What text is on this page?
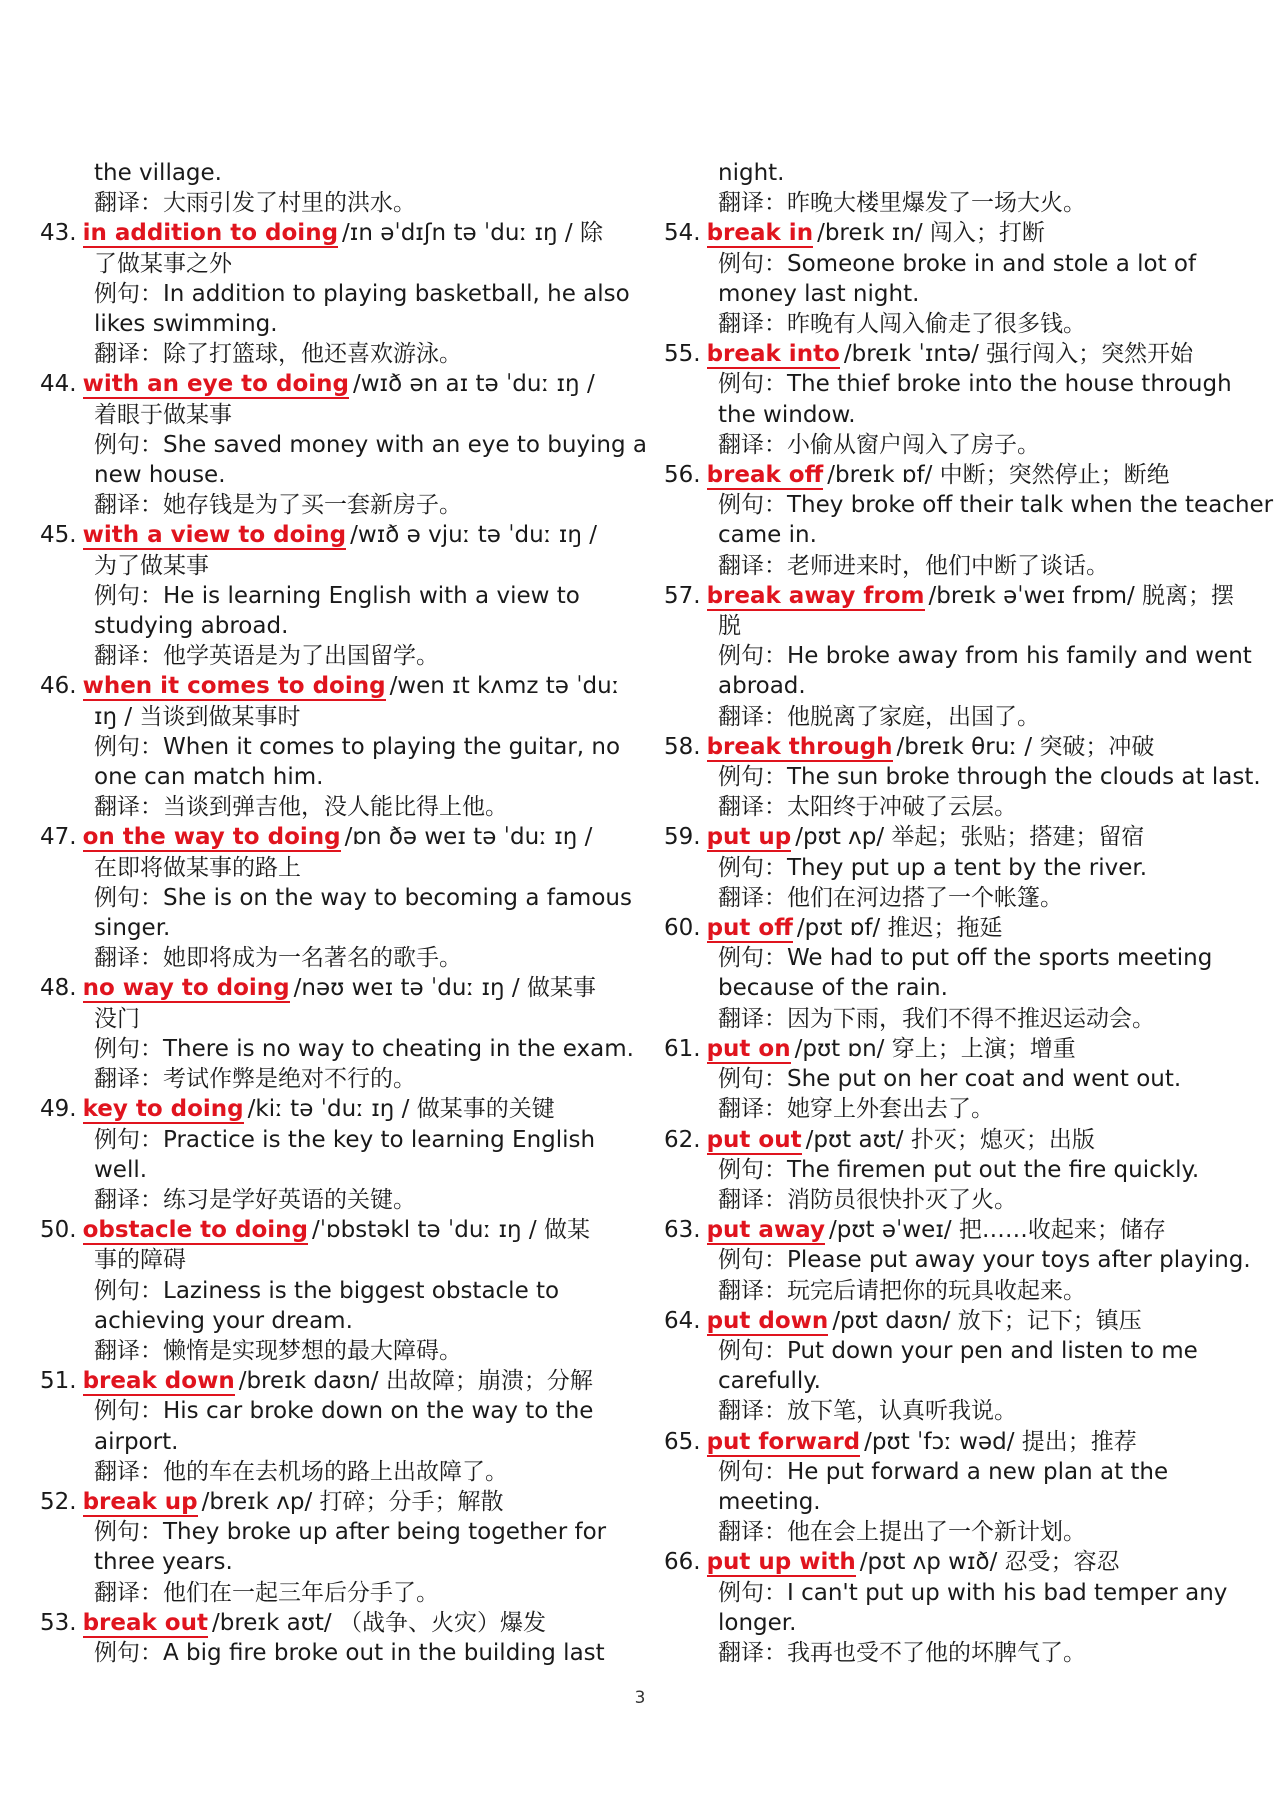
the village.
翻译：大雨引发了村里的洪水。
43. in addition to doing /ɪn əˈdɪʃn tə ˈduː ɪŋ / 除
了做某事之外
例句：In addition to playing basketball, he also
likes swimming.
翻译：除了打篮球，他还喜欢游泳。
44. with an eye to doing /wɪð ən aɪ tə ˈduː ɪŋ /
着眼于做某事
例句：She saved money with an eye to buying a
new house.
翻译：她存钱是为了买一套新房子。
45. with a view to doing /wɪð ə vjuː tə ˈduː ɪŋ /
为了做某事
例句：He is learning English with a view to
studying abroad.
翻译：他学英语是为了出国留学。
46. when it comes to doing /wen ɪt kʌmz tə ˈduː
ɪŋ / 当谈到做某事时
例句：When it comes to playing the guitar, no
one can match him.
翻译：当谈到弹吉他，没人能比得上他。
47. on the way to doing /ɒn ðə weɪ tə ˈduː ɪŋ /
在即将做某事的路上
例句：She is on the way to becoming a famous
singer.
翻译：她即将成为一名著名的歌手。
48. no way to doing /nəʊ weɪ tə ˈduː ɪŋ / 做某事
没门
例句：There is no way to cheating in the exam.
翻译：考试作弊是绝对不行的。
49. key to doing /kiː tə ˈduː ɪŋ / 做某事的关键
例句：Practice is the key to learning English
well.
翻译：练习是学好英语的关键。
50. obstacle to doing /ˈɒbstəkl tə ˈduː ɪŋ / 做某
事的障碍
例句：Laziness is the biggest obstacle to
achieving your dream.
翻译：懒惰是实现梦想的最大障碍。
51. break down /breɪk daʊn/ 出故障；崩溃；分解
例句：His car broke down on the way to the
airport.
翻译：他的车在去机场的路上出故障了。
52. break up /breɪk ʌp/ 打碎；分手；解散
例句：They broke up after being together for
three years.
翻译：他们在一起三年后分手了。
53. break out /breɪk aʊt/ （战争、火灾）爆发
例句：A big fire broke out in the building last
night.
翻译：昨晚大楼里爆发了一场大火。
54. break in /breɪk ɪn/ 闯入；打断
例句：Someone broke in and stole a lot of
money last night.
翻译：昨晚有人闯入偷走了很多钱。
55. break into /breɪk ˈɪntə/ 强行闯入；突然开始
例句：The thief broke into the house through
the window.
翻译：小偷从窗户闯入了房子。
56. break off /breɪk ɒf/ 中断；突然停止；断绝
例句：They broke off their talk when the teacher
came in.
翻译：老师进来时，他们中断了谈话。
57. break away from /breɪk əˈweɪ frɒm/ 脱离；摆
脱
例句：He broke away from his family and went
abroad.
翻译：他脱离了家庭，出国了。
58. break through /breɪk θruː / 突破；冲破
例句：The sun broke through the clouds at last.
翻译：太阳终于冲破了云层。
59. put up /pʊt ʌp/ 举起；张贴；搭建；留宿
例句：They put up a tent by the river.
翻译：他们在河边搭了一个帐篷。
60. put off /pʊt ɒf/ 推迟；拖延
例句：We had to put off the sports meeting
because of the rain.
翻译：因为下雨，我们不得不推迟运动会。
61. put on /pʊt ɒn/ 穿上；上演；增重
例句：She put on her coat and went out.
翻译：她穿上外套出去了。
62. put out /pʊt aʊt/ 扑灭；熄灭；出版
例句：The firemen put out the fire quickly.
翻译：消防员很快扑灭了火。
63. put away /pʊt əˈweɪ/ 把……收起来；储存
例句：Please put away your toys after playing.
翻译：玩完后请把你的玩具收起来。
64. put down /pʊt daʊn/ 放下；记下；镇压
例句：Put down your pen and listen to me
carefully.
翻译：放下笔，认真听我说。
65. put forward /pʊt ˈfɔː wəd/ 提出；推荐
例句：He put forward a new plan at the
meeting.
翻译：他在会上提出了一个新计划。
66. put up with /pʊt ʌp wɪð/ 忍受；容忍
例句：I can't put up with his bad temper any
longer.
翻译：我再也受不了他的坏脾气了。
3
